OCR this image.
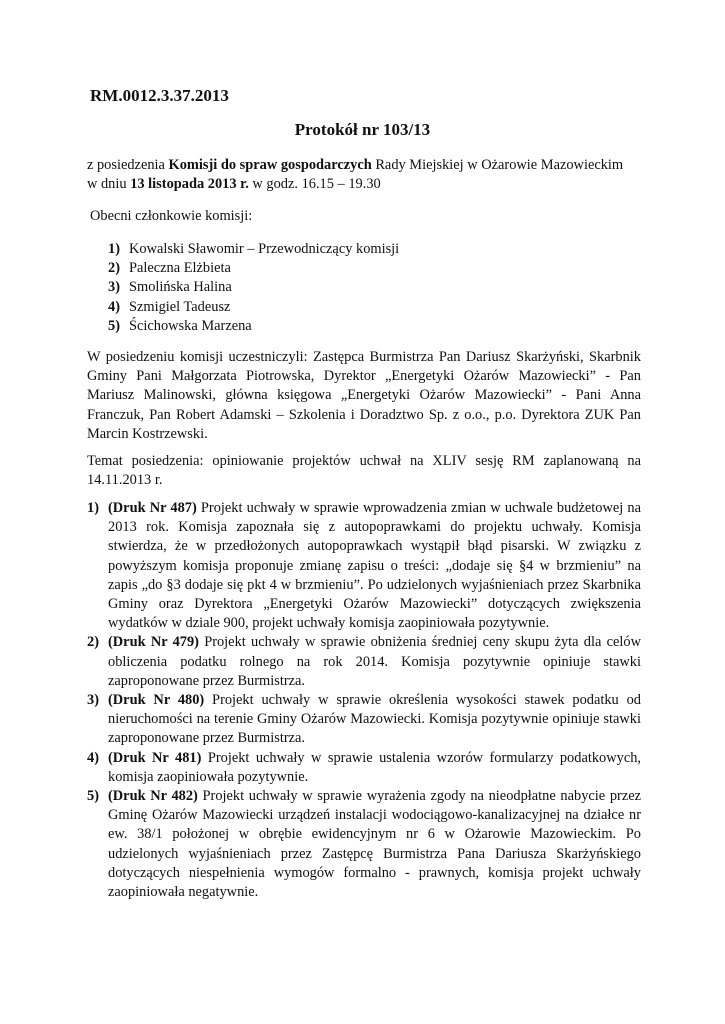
RM.0012.3.37.2013

Protokół nr 103/13

z posiedzenia Komisji do spraw gospodarczych Rady Miejskiej w Ożarowie Mazowieckim
w dniu 13 listopada 2013 r. w godz. 16.15 – 19.30

Obecni członkowie komisji:

1) Kowalski Sławomir – Przewodniczący komisji
2) Paleczna Elżbieta
3) Smolińska Halina
4) Szmigiel Tadeusz
5) Ścichowska Marzena
W posiedzeniu komisji uczestniczyli: Zastępca Burmistrza Pan Dariusz Skarżyński, Skarbnik
Gminy Pani Małgorzata Piotrowska, Dyrektor „Energetyki Ożarów Mazowiecki” - Pan
Mariusz Malinowski, główna księgowa „Energetyki Ożarów Mazowiecki” - Pani Anna
Franczuk, Pan Robert Adamski – Szkolenia i Doradztwo Sp. z o.o., p.o. Dyrektora ZUK Pan
Marcin Kostrzewski.
Temat posiedzenia: opiniowanie projektów uchwał na XLIV sesję RM zaplanowaną na
14.11.2013 r.
1) (Druk Nr 487) Projekt uchwały w sprawie wprowadzenia zmian w uchwale budżetowej na 2013 rok. Komisja zapoznała się z autopoprawkami do projektu uchwały. Komisja stwierdza, że w przedłożonych autopoprawkach wystąpił błąd pisarski. W związku z powyższym komisja proponuje zmianę zapisu o treści: „dodaje się §4 w brzmieniu” na zapis „do §3 dodaje się pkt 4 w brzmieniu”. Po udzielonych wyjaśnieniach przez Skarbnika Gminy oraz Dyrektora „Energetyki Ożarów Mazowiecki” dotyczących zwiększenia wydatków w dziale 900, projekt uchwały komisja zaopiniowała pozytywnie.
2) (Druk Nr 479) Projekt uchwały w sprawie obniżenia średniej ceny skupu żyta dla celów obliczenia podatku rolnego na rok 2014. Komisja pozytywnie opiniuje stawki zaproponowane przez Burmistrza.
3) (Druk Nr 480) Projekt uchwały w sprawie określenia wysokości stawek podatku od nieruchomości na terenie Gminy Ożarów Mazowiecki. Komisja pozytywnie opiniuje stawki zaproponowane przez Burmistrza.
4) (Druk Nr 481) Projekt uchwały w sprawie ustalenia wzorów formularzy podatkowych, komisja zaopiniowała pozytywnie.
5) (Druk Nr 482) Projekt uchwały w sprawie wyrażenia zgody na nieodpłatne nabycie przez Gminę Ożarów Mazowiecki urządzeń instalacji wodociągowo-kanalizacyjnej na działce nr ew. 38/1 położonej w obrębie ewidencyjnym nr 6 w Ożarowie Mazowieckim. Po udzielonych wyjaśnieniach przez Zastępcę Burmistrza Pana Dariusza Skarżyńskiego dotyczących niespełnienia wymogów formalno - prawnych, komisja projekt uchwały zaopiniowała negatywnie.
